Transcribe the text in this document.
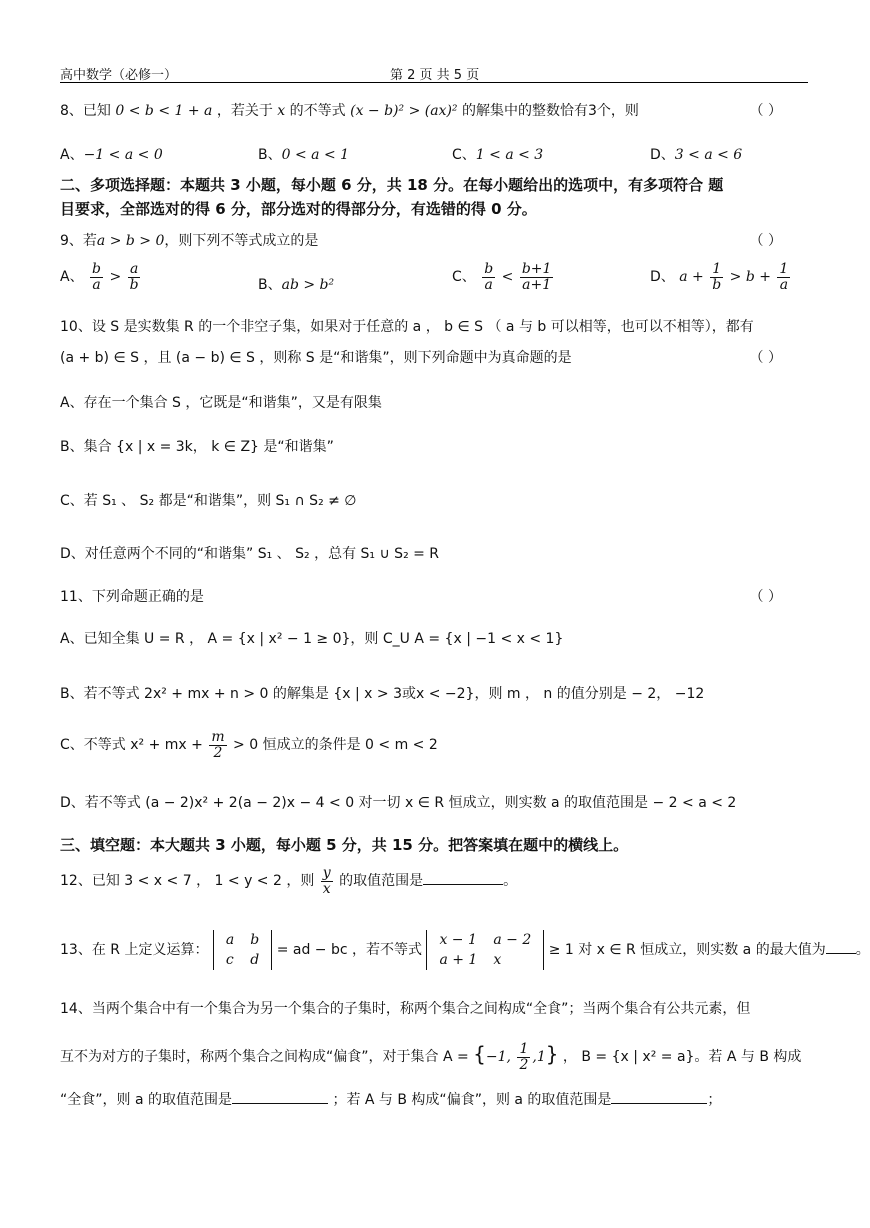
高中数学（必修一）	第 2 页 共 5 页
8、已知 0 < b < 1 + a ，若关于 x 的不等式 (x − b)² > (ax)² 的解集中的整数恰有3个，则	（ ）
A、−1 < a < 0	B、0 < a < 1	C、1 < a < 3	D、3 < a < 6
二、多项选择题：本题共 3 小题，每小题 6 分，共 18 分。在每小题给出的选项中，有多项符合 题
目要求，全部选对的得 6 分，部分选对的得部分分，有选错的得 0 分。
9、若a > b > 0，则下列不等式成立的是	（ ）
A、 $\frac{b}{a} > \frac{a}{b}$	B、ab > b²	C、 $\frac{b}{a} < \frac{b+1}{a+1}$	D、 $a + \frac{1}{b} > b + \frac{1}{a}$
10、设 S 是实数集 R 的一个非空子集，如果对于任意的 a ， b ∈ S （ a 与 b 可以相等，也可以不相等），都有
(a + b) ∈ S ，且 (a − b) ∈ S ，则称 S 是“和谐集”，则下列命题中为真命题的是	（ ）
A、存在一个集合 S ，它既是“和谐集”，又是有限集
B、集合 {x | x = 3k， k ∈ Z} 是“和谐集”
C、若 S₁ 、 S₂ 都是“和谐集”，则 S₁ ∩ S₂ ≠ ∅
D、对任意两个不同的“和谐集” S₁ 、 S₂ ，总有 S₁ ∪ S₂ = R
11、下列命题正确的是	（ ）
A、已知全集 U = R ， A = {x | x² − 1 ≥ 0}，则 C_U A = {x | −1 < x < 1}
B、若不等式 2x² + mx + n > 0 的解集是 {x | x > 3或x < −2}，则 m ， n 的值分别是 − 2， −12
C、不等式 x² + mx + $\frac{m}{2} > 0$ 恒成立的条件是 0 < m < 2
D、若不等式 (a − 2)x² + 2(a − 2)x − 4 < 0 对一切 x ∈ R 恒成立，则实数 a 的取值范围是 − 2 < a < 2
三、填空题：本大题共 3 小题，每小题 5 分，共 15 分。把答案填在题中的横线上。
12、已知 3 < x < 7 ， 1 < y < 2 ，则 $\frac{y}{x}$ 的取值范围是	。
13、在 R 上定义运算：
a	b
c	d
= ad − bc ，若不等式
x − 1	a − 2
a + 1	x
≥ 1 对 x ∈ R 恒成立，则实数 a 的最大值为 。
14、当两个集合中有一个集合为另一个集合的子集时，称两个集合之间构成“全食”；当两个集合有公共元素，但
互不为对方的子集时，称两个集合之间构成“偏食”，对于集合 A = {−1, $\frac{1}{2} ,1$} ， B = {x | x² = a}。若 A 与 B 构成
“全食”，则 a 的取值范围是	；若 A 与 B 构成“偏食”，则 a 的取值范围是	；
